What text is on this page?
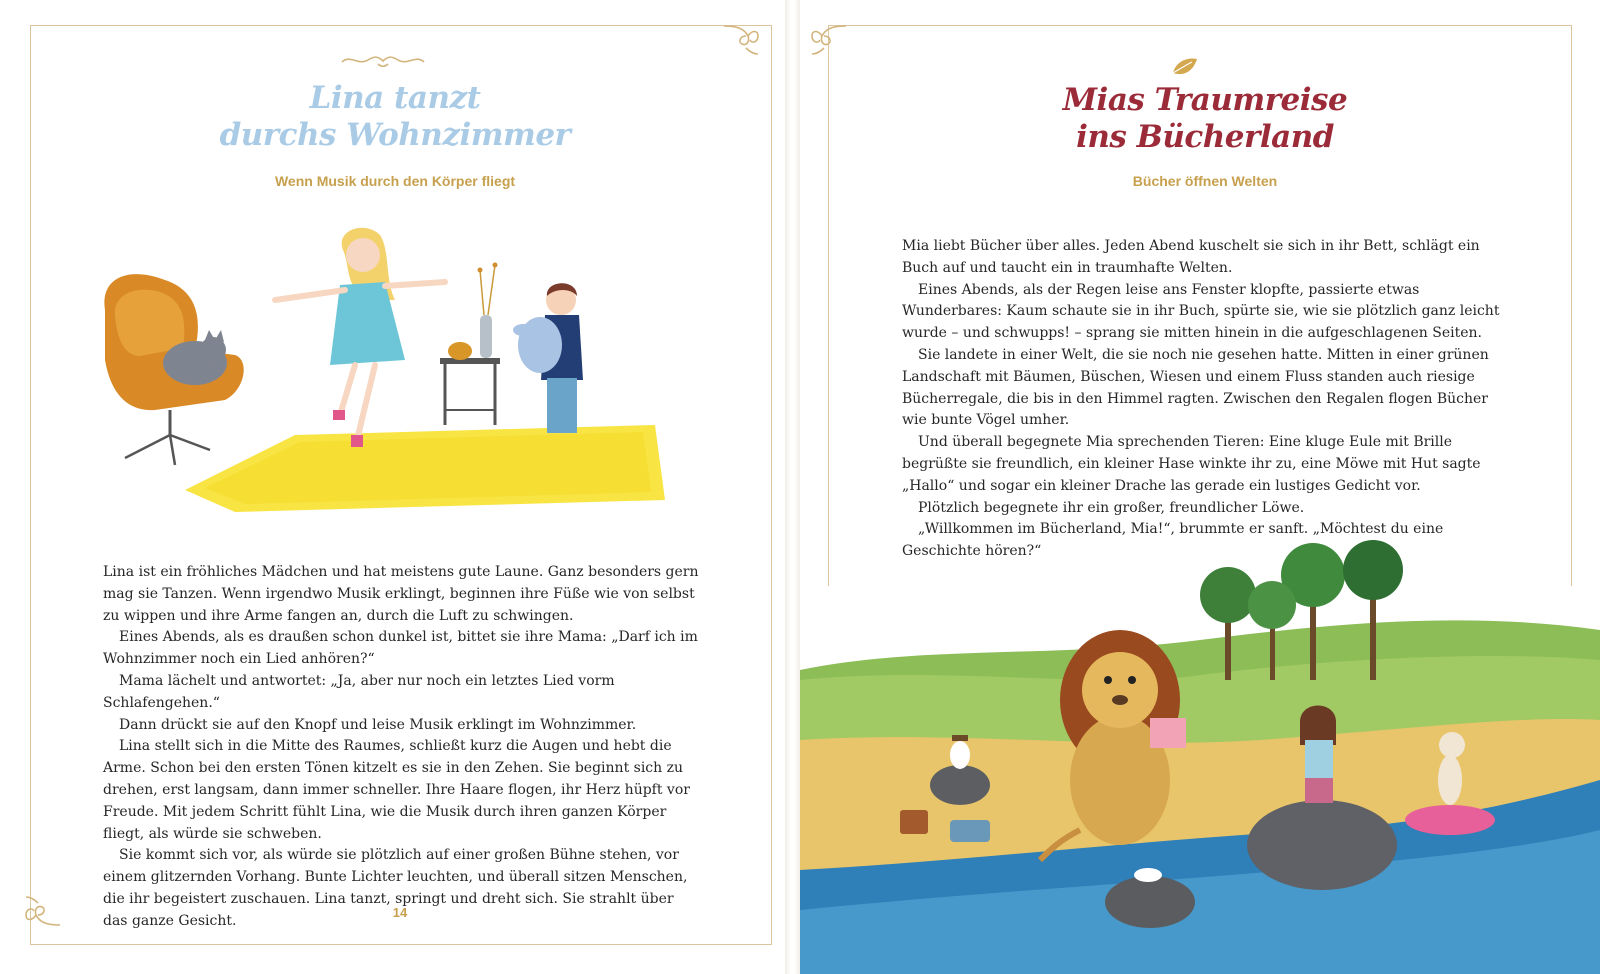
Lina tanzt
durchs Wohnzimmer
Wenn Musik durch den Körper fliegt

Lina ist ein fröhliches Mädchen und hat meistens gute Laune. Ganz besonders gern mag sie Tanzen. Wenn irgendwo Musik erklingt, beginnen ihre Füße wie von selbst zu wippen und ihre Arme fangen an, durch die Luft zu schwingen.

Eines Abends, als es draußen schon dunkel ist, bittet sie ihre Mama: „Darf ich im Wohnzimmer noch ein Lied anhören?“

Mama lächelt und antwortet: „Ja, aber nur noch ein letztes Lied vorm Schlafengehen.“

Dann drückt sie auf den Knopf und leise Musik erklingt im Wohnzimmer.

Lina stellt sich in die Mitte des Raumes, schließt kurz die Augen und hebt die Arme. Schon bei den ersten Tönen kitzelt es sie in den Zehen. Sie beginnt sich zu drehen, erst langsam, dann immer schneller. Ihre Haare flogen, ihr Herz hüpft vor Freude. Mit jedem Schritt fühlt Lina, wie die Musik durch ihren ganzen Körper fliegt, als würde sie schweben.

Sie kommt sich vor, als würde sie plötzlich auf einer großen Bühne stehen, vor einem glitzernden Vorhang. Bunte Lichter leuchten, und überall sitzen Menschen, die ihr begeistert zuschauen. Lina tanzt, springt und dreht sich. Sie strahlt über das ganze Gesicht.

14
Mias Traumreise
ins Bücherland
Bücher öffnen Welten

Mia liebt Bücher über alles. Jeden Abend kuschelt sie sich in ihr Bett, schlägt ein Buch auf und taucht ein in traumhafte Welten.

Eines Abends, als der Regen leise ans Fenster klopfte, passierte etwas Wunderbares: Kaum schaute sie in ihr Buch, spürte sie, wie sie plötzlich ganz leicht wurde – und schwupps! – sprang sie mitten hinein in die aufgeschlagenen Seiten.

Sie landete in einer Welt, die sie noch nie gesehen hatte. Mitten in einer grünen Landschaft mit Bäumen, Büschen, Wiesen und einem Fluss standen auch riesige Bücherregale, die bis in den Himmel ragten. Zwischen den Regalen flogen Bücher wie bunte Vögel umher.

Und überall begegnete Mia sprechenden Tieren: Eine kluge Eule mit Brille begrüßte sie freundlich, ein kleiner Hase winkte ihr zu, eine Möwe mit Hut sagte „Hallo“ und sogar ein kleiner Drache las gerade ein lustiges Gedicht vor.

Plötzlich begegnete ihr ein großer, freundlicher Löwe.

„Willkommen im Bücherland, Mia!“, brummte er sanft. „Möchtest du eine Geschichte hören?“
